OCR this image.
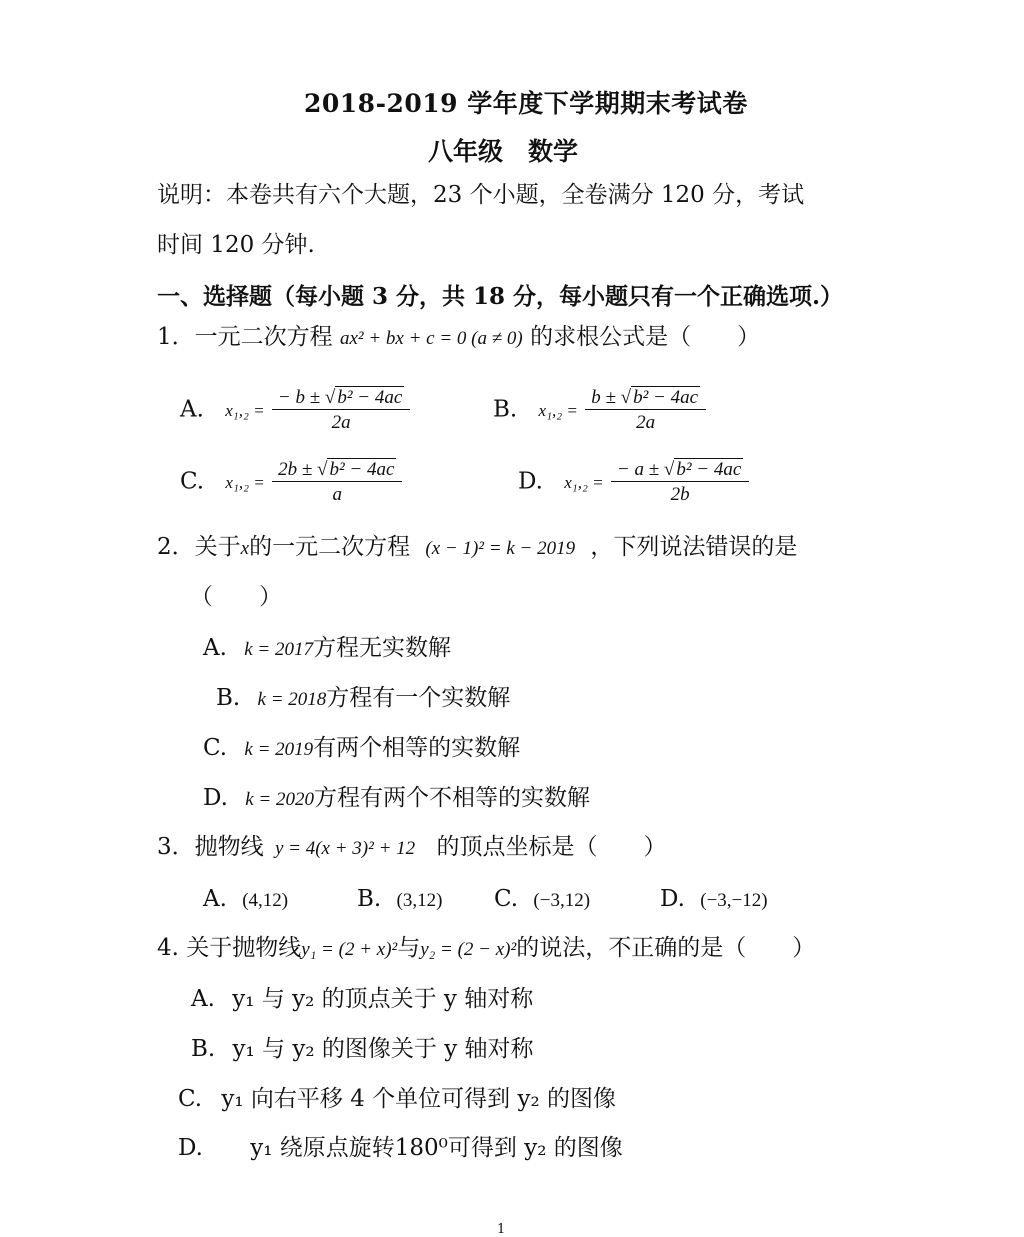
2018-2019 学年度下学期期末考试卷
八年级　数学
说明：本卷共有六个大题，23 个小题，全卷满分 120 分，考试
时间 120 分钟.
一、选择题（每小题 3 分，共 18 分，每小题只有一个正确选项.）
1．一元二次方程 ax² + bx + c = 0 (a ≠ 0) 的求根公式是（　　）
A. $x_1,_2 = \frac{\text{− b ± √ b² − 4ac}}{2a}$	B. $x_1,_2 = \frac{\text{b ± √ b² − 4ac}}{2a}$
C. $x_1,_2 = \frac{\text{2b ± √ b² − 4ac}}{a}$	D. $x_1,_2 = \frac{\text{− a ± √ b² − 4ac}}{2b}$
2．关于x的一元二次方程 (x − 1)² = k − 2019 ，下列说法错误的是
（　　）
A. k = 2017方程无实数解
B. k = 2018方程有一个实数解
C. k = 2019有两个相等的实数解
D. k = 2020方程有两个不相等的实数解
3．抛物线 y = 4(x + 3)² + 12 的顶点坐标是（　　）
A. (4,12)	B. (3,12) C. (−3,12)	D. (−3,−12)
4. 关于抛物线y₁ = (2 + x)²与y₂ = (2 − x)²的说法，不正确的是（　　）
A. y₁ 与 y₂ 的顶点关于 y 轴对称
B. y₁ 与 y₂ 的图像关于 y 轴对称
C. y₁ 向右平移 4 个单位可得到 y₂ 的图像
D. y₁ 绕原点旋转180⁰可得到 y₂ 的图像
1
